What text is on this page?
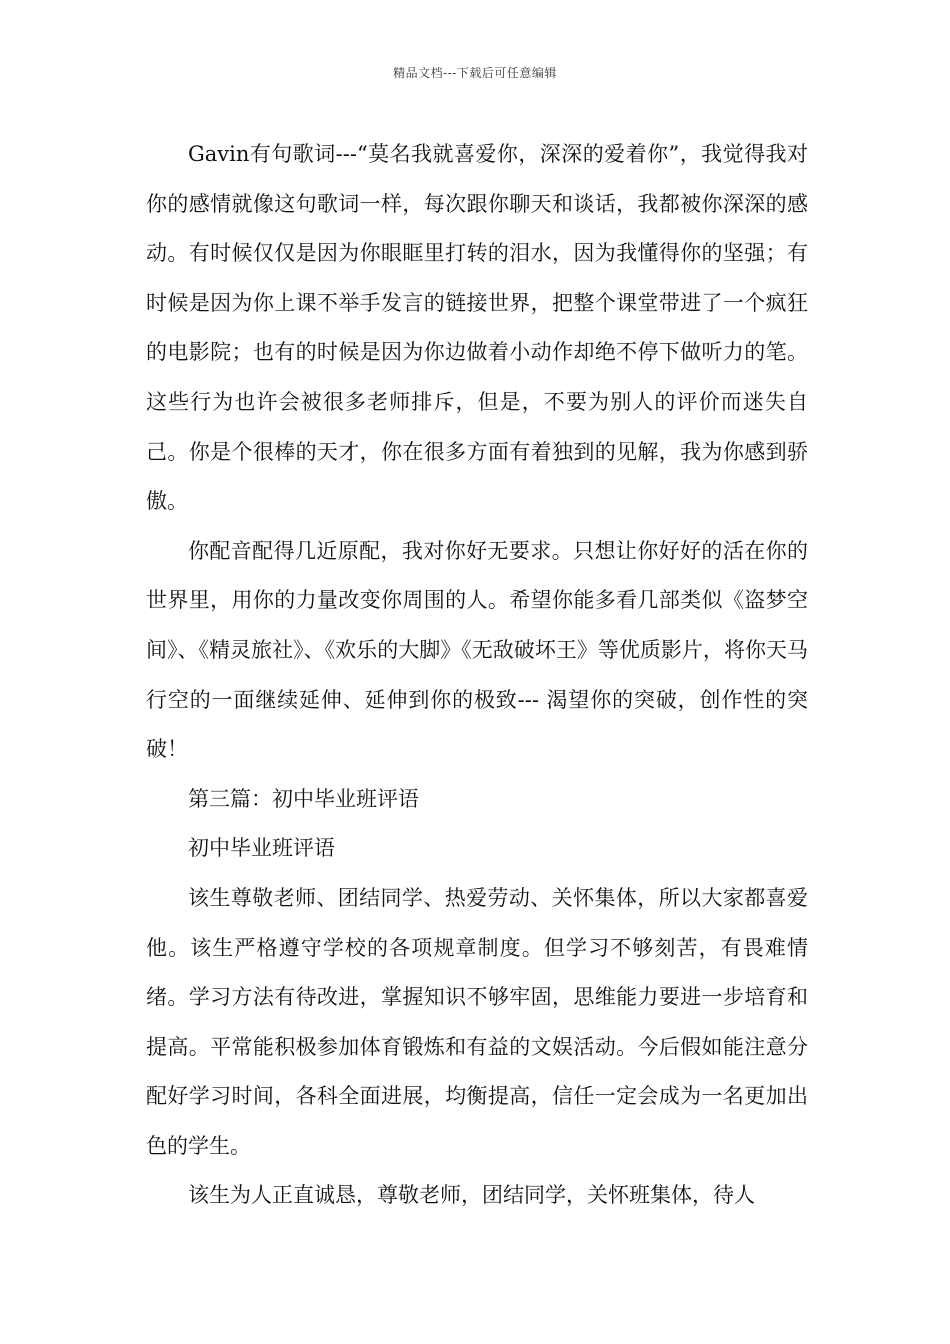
精品文档---下载后可任意编辑

Gavin有句歌词---“莫名我就喜爱你，深深的爱着你”，我觉得我对你的感情就像这句歌词一样，每次跟你聊天和谈话，我都被你深深的感动。有时候仅仅是因为你眼眶里打转的泪水，因为我懂得你的坚强；有时候是因为你上课不举手发言的链接世界，把整个课堂带进了一个疯狂的电影院；也有的时候是因为你边做着小动作却绝不停下做听力的笔。这些行为也许会被很多老师排斥，但是，不要为别人的评价而迷失自己。你是个很棒的天才，你在很多方面有着独到的见解，我为你感到骄傲。

你配音配得几近原配，我对你好无要求。只想让你好好的活在你的世界里，用你的力量改变你周围的人。希望你能多看几部类似《盗梦空间》、《精灵旅社》、《欢乐的大脚》《无敌破坏王》等优质影片，将你天马行空的一面继续延伸、延伸到你的极致--- 渴望你的突破，创作性的突破！

第三篇：初中毕业班评语

初中毕业班评语

该生尊敬老师、团结同学、热爱劳动、关怀集体，所以大家都喜爱他。该生严格遵守学校的各项规章制度。但学习不够刻苦，有畏难情绪。学习方法有待改进，掌握知识不够牢固，思维能力要进一步培育和提高。平常能积极参加体育锻炼和有益的文娱活动。今后假如能注意分配好学习时间，各科全面进展，均衡提高，信任一定会成为一名更加出色的学生。

该生为人正直诚恳，尊敬老师，团结同学，关怀班集体，待人
